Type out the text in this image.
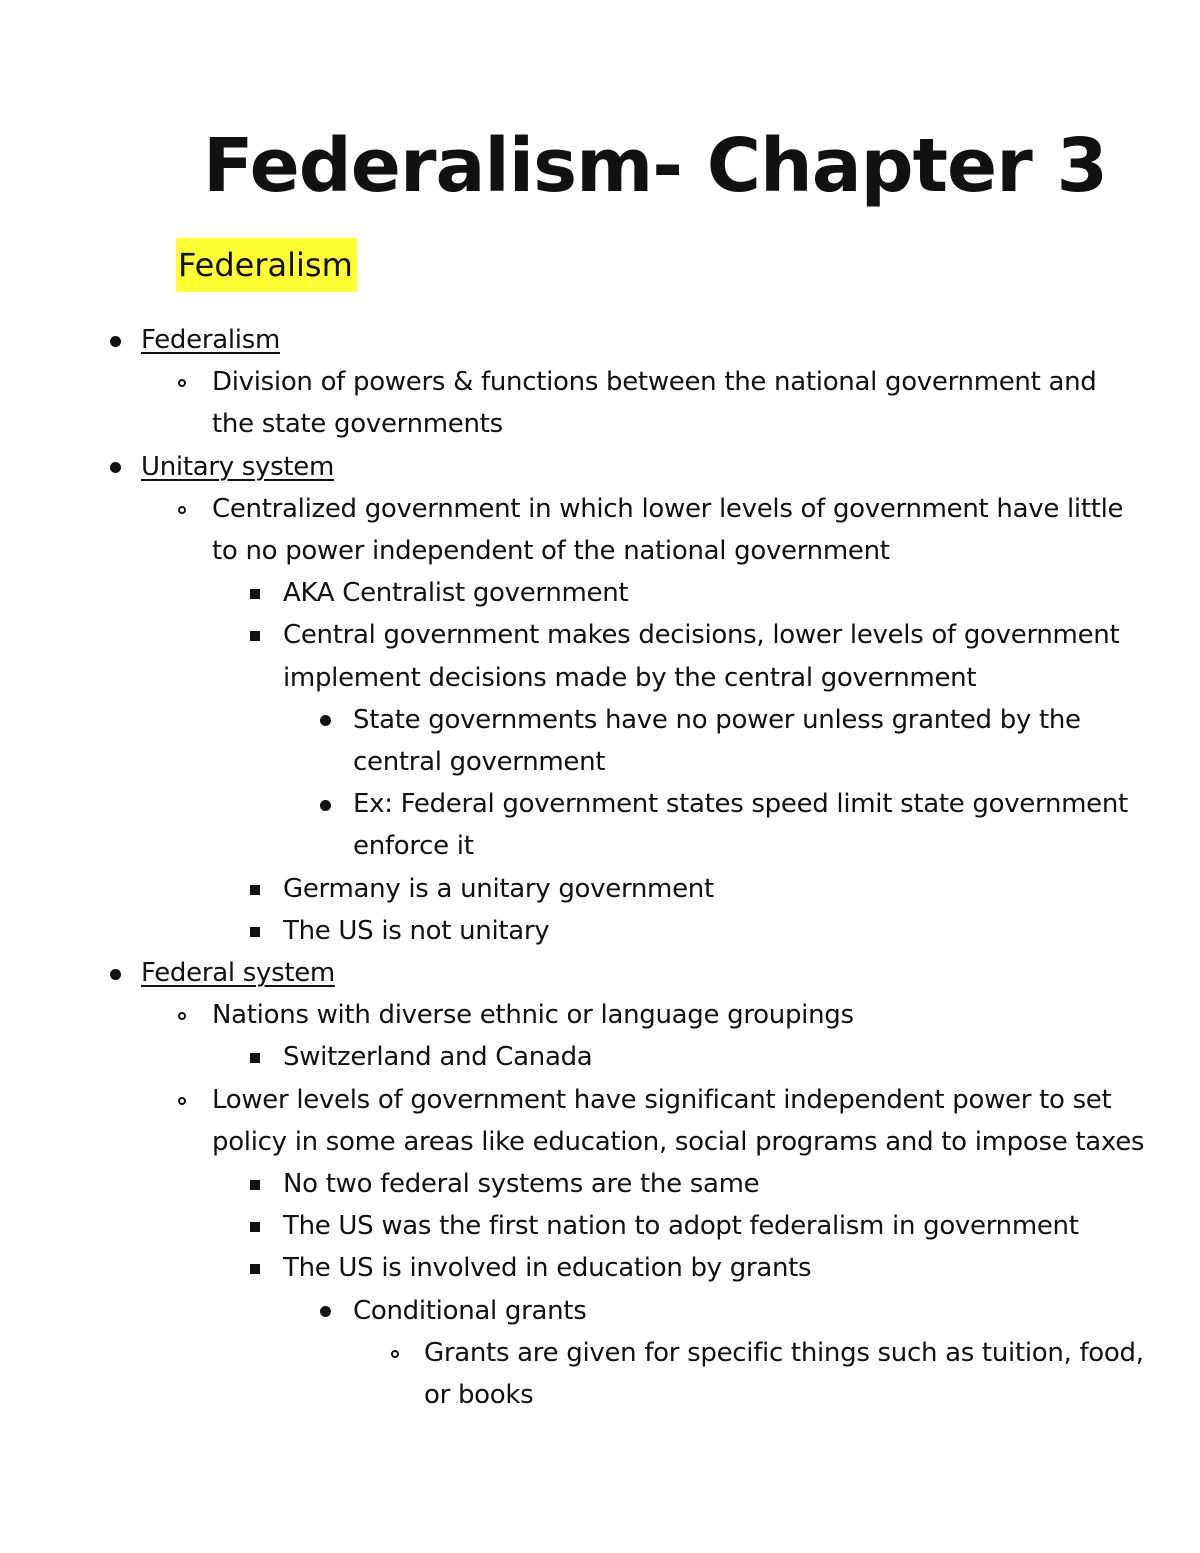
Federalism- Chapter 3
Federalism
Federalism
Division of powers & functions between the national government and
the state governments
Unitary system
Centralized government in which lower levels of government have little
to no power independent of the national government
AKA Centralist government
Central government makes decisions, lower levels of government
implement decisions made by the central government
State governments have no power unless granted by the
central government
Ex: Federal government states speed limit state government
enforce it
Germany is a unitary government
The US is not unitary
Federal system
Nations with diverse ethnic or language groupings
Switzerland and Canada
Lower levels of government have significant independent power to set
policy in some areas like education, social programs and to impose taxes
No two federal systems are the same
The US was the first nation to adopt federalism in government
The US is involved in education by grants
Conditional grants
Grants are given for specific things such as tuition, food,
or books
